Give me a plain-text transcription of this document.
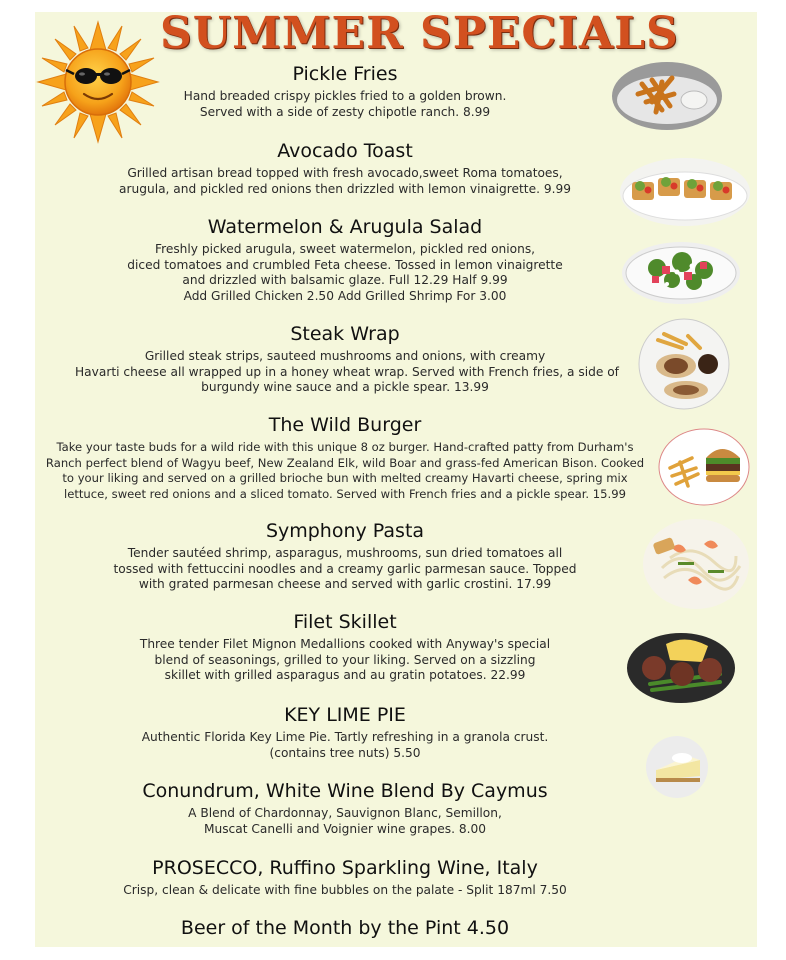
SUMMER SPECIALS
Pickle Fries
Hand breaded crispy pickles fried to a golden brown.
Served with a side of zesty chipotle ranch. 8.99
Avocado Toast
Grilled artisan bread topped with fresh avocado,sweet Roma tomatoes,
arugula, and pickled red onions then drizzled with lemon vinaigrette. 9.99
Watermelon & Arugula Salad
Freshly picked arugula, sweet watermelon, pickled red onions,
diced tomatoes and crumbled Feta cheese. Tossed in lemon vinaigrette
and drizzled with balsamic glaze. Full 12.29 Half 9.99
Add Grilled Chicken 2.50 Add Grilled Shrimp For 3.00
Steak Wrap
Grilled steak strips, sauteed mushrooms and onions, with creamy
Havarti cheese all wrapped up in a honey wheat wrap. Served with French fries, a side of
burgundy wine sauce and a pickle spear. 13.99
The Wild Burger
Take your taste buds for a wild ride with this unique 8 oz burger. Hand-crafted patty from Durham's
Ranch perfect blend of Wagyu beef, New Zealand Elk, wild Boar and grass-fed American Bison. Cooked
to your liking and served on a grilled brioche bun with melted creamy Havarti cheese, spring mix
lettuce, sweet red onions and a sliced tomato. Served with French fries and a pickle spear. 15.99
Symphony Pasta
Tender sautéed shrimp, asparagus, mushrooms, sun dried tomatoes all
tossed with fettuccini noodles and a creamy garlic parmesan sauce. Topped
with grated parmesan cheese and served with garlic crostini. 17.99
Filet Skillet
Three tender Filet Mignon Medallions cooked with Anyway's special
blend of seasonings, grilled to your liking. Served on a sizzling
skillet with grilled asparagus and au gratin potatoes. 22.99
KEY LIME PIE
Authentic Florida Key Lime Pie. Tartly refreshing in a granola crust.
(contains tree nuts) 5.50
Conundrum, White Wine Blend By Caymus
A Blend of Chardonnay, Sauvignon Blanc, Semillon,
Muscat Canelli and Voignier wine grapes. 8.00
PROSECCO, Ruffino Sparkling Wine, Italy
Crisp, clean & delicate with fine bubbles on the palate - Split 187ml 7.50
Beer of the Month by the Pint 4.50
